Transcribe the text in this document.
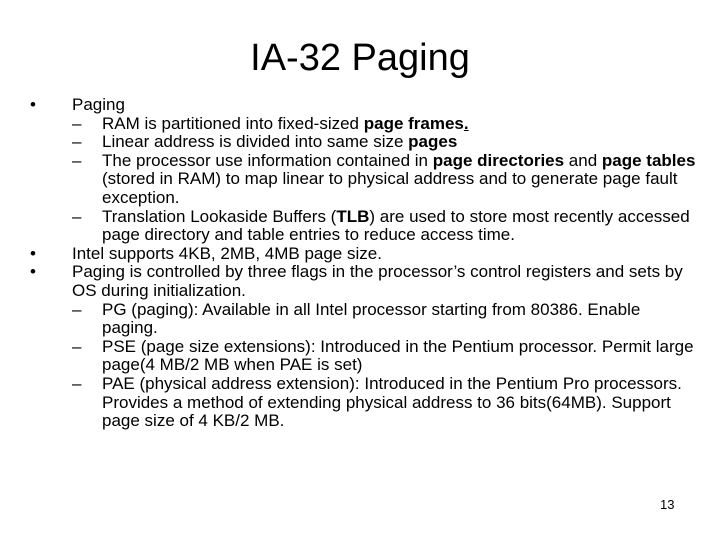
IA-32 Paging
• Paging
– RAM is partitioned into fixed-sized page frames.
– Linear address is divided into same size pages
– The processor use information contained in page directories and page tables (stored in RAM) to map linear to physical address and to generate page fault exception.
– Translation Lookaside Buffers (TLB) are used to store most recently accessed page directory and table entries to reduce access time.
• Intel supports 4KB, 2MB, 4MB page size.
• Paging is controlled by three flags in the processor’s control registers and sets by OS during initialization.
– PG (paging): Available in all Intel processor starting from 80386. Enable paging.
– PSE (page size extensions): Introduced in the Pentium processor. Permit large page(4 MB/2 MB when PAE is set)
– PAE (physical address extension): Introduced in the Pentium Pro processors. Provides a method of extending physical address to 36 bits(64MB). Support page size of 4 KB/2 MB.
13
